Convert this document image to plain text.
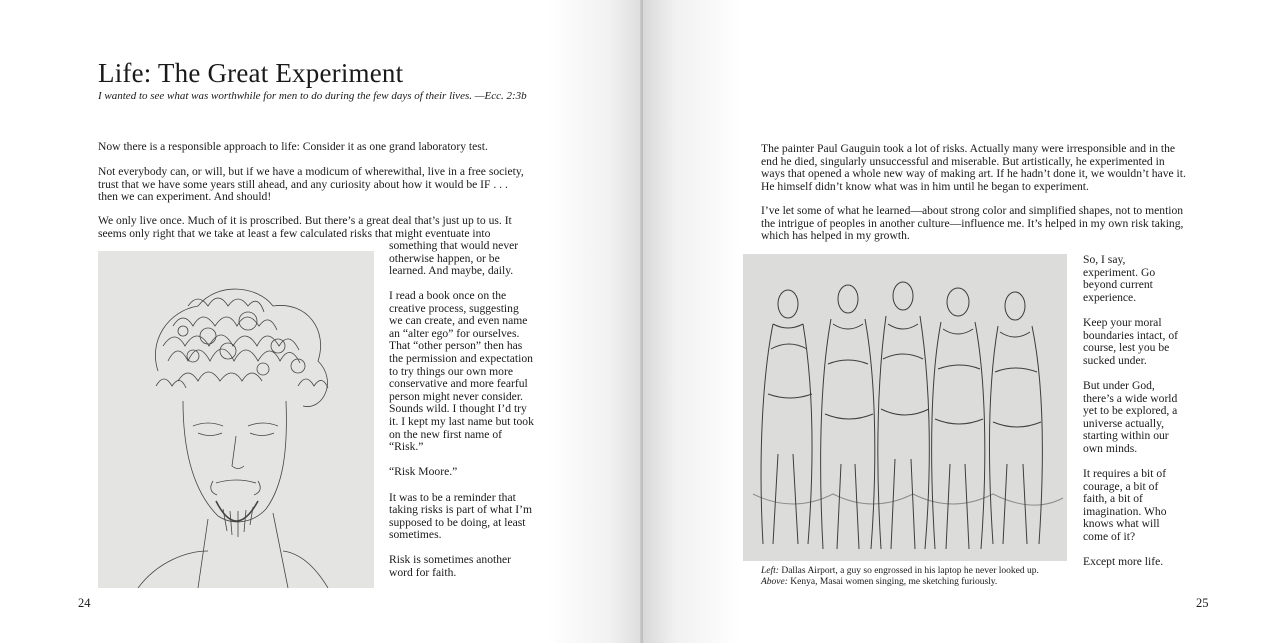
Life: The Great Experiment
I wanted to see what was worthwhile for men to do during the few days of their lives. —Ecc. 2:3b

Now there is a responsible approach to life: Consider it as one grand laboratory test.

Not everybody can, or will, but if we have a modicum of wherewithal, live in a free society, trust that we have some years still ahead, and any curiosity about how it would be IF . . . then we can experiment. And should!

We only live once. Much of it is proscribed. But there’s a great deal that’s just up to us. It seems only right that we take at least a few calculated risks that might eventuate into

something that would never otherwise happen, or be learned. And maybe, daily.

I read a book once on the creative process, suggesting we can create, and even name an “alter ego” for ourselves. That “other person” then has the permission and expectation to try things our own more conservative and more fearful person might never consider. Sounds wild. I thought I’d try it. I kept my last name but took on the new first name of “Risk.”

“Risk Moore.”

It was to be a reminder that taking risks is part of what I’m supposed to be doing, at least sometimes.

Risk is sometimes another word for faith.

24

The painter Paul Gauguin took a lot of risks. Actually many were irresponsible and in the end he died, singularly unsuccessful and miserable. But artistically, he experimented in ways that opened a whole new way of making art. If he hadn’t done it, we wouldn’t have it. He himself didn’t know what was in him until he began to experiment.

I’ve let some of what he learned—about strong color and simplified shapes, not to mention the intrigue of peoples in another culture—influence me. It’s helped in my own risk taking, which has helped in my growth.

So, I say, experiment. Go beyond current experience.

Keep your moral boundaries intact, of course, lest you be sucked under.

But under God, there’s a wide world yet to be explored, a universe actually, starting within our own minds.

It requires a bit of courage, a bit of faith, a bit of imagination. Who knows what will come of it?

Except more life.

Left: Dallas Airport, a guy so engrossed in his laptop he never looked up.
Above: Kenya, Masai women singing, me sketching furiously.
25
